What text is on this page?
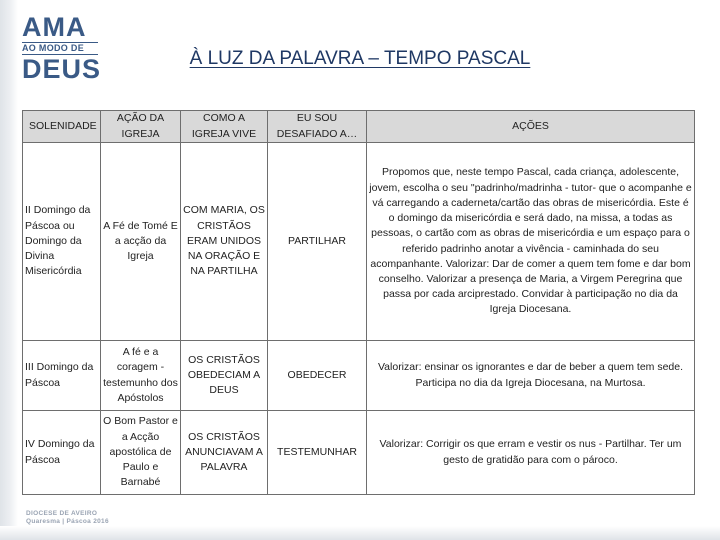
AMA
AO MODO DE
DEUS	À LUZ DA PALAVRA – TEMPO PASCAL
SOLENIDADE	AÇÃO DA IGREJA	COMO A IGREJA VIVE	EU SOU DESAFIADO A…	AÇÕES
II Domingo da Páscoa ou Domingo da Divina Misericórdia	A Fé de Tomé E a acção da Igreja	COM MARIA, OS CRISTÃOS ERAM UNIDOS NA ORAÇÃO E NA PARTILHA	PARTILHAR	Propomos que, neste tempo Pascal, cada criança, adolescente, jovem, escolha o seu "padrinho/madrinha - tutor- que o acompanhe e vá carregando a caderneta/cartão das obras de misericórdia. Este é o domingo da misericórdia e será dado, na missa, a todas as pessoas, o cartão com as obras de misericórdia e um espaço para o referido padrinho anotar a vivência - caminhada do seu acompanhante. Valorizar: Dar de comer a quem tem fome e dar bom conselho. Valorizar a presença de Maria, a Virgem Peregrina que passa por cada arciprestado. Convidar à participação no dia da Igreja Diocesana.
III Domingo da Páscoa	A fé e a coragem - testemunho dos Apóstolos	OS CRISTÃOS OBEDECIAM A DEUS	OBEDECER	Valorizar: ensinar os ignorantes e dar de beber a quem tem sede. Participa no dia da Igreja Diocesana, na Murtosa.
IV Domingo da Páscoa	O Bom Pastor e a Acção apostólica de Paulo e Barnabé	OS CRISTÃOS ANUNCIAVAM A PALAVRA	TESTEMUNHAR	Valorizar: Corrigir os que erram e vestir os nus - Partilhar. Ter um gesto de gratidão para com o pároco.
DIOCESE DE AVEIRO
Quaresma | Páscoa 2016
